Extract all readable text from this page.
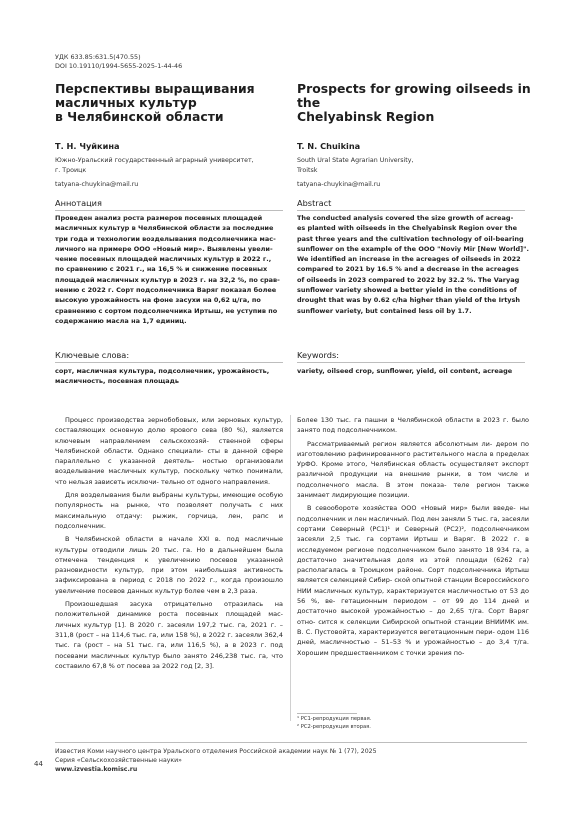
УДК 633.85:631.5(470.55)
DOI 10.19110/1994-5655-2025-1-44-46
Перспективы выращивания
масличных культур
в Челябинской области
Prospects for growing oilseeds in the
Chelyabinsk Region
Т. Н. Чуйкина	T. N. Chuikina
Южно-Уральский государственный аграрный университет,
г. Троицк
tatyana-chuykina@mail.ru
South Ural State Agrarian University,
Troitsk
tatyana-chuykina@mail.ru
Аннотация	Abstract
Проведен анализ роста размеров посевных площадей
масличных культур в Челябинской области за последние
три года и технологии возделывания подсолнечника мас-
личного на примере ООО «Новый мир». Выявлены увели-
чение посевных площадей масличных культур в 2022 г.,
по сравнению с 2021 г., на 16,5 % и снижение посевных
площадей масличных культур в 2023 г. на 32,2 %, по срав-
нению с 2022 г. Сорт подсолнечника Варяг показал более
высокую урожайность на фоне засухи на 0,62 ц/га, по
сравнению с сортом подсолнечника Иртыш, не уступив по
содержанию масла на 1,7 единиц.
The conducted analysis covered the size growth of acreag-
es planted with oilseeds in the Chelyabinsk Region over the
past three years and the cultivation technology of oil-bearing
sunflower on the example of the OOO "Noviy Mir [New World]".
We identified an increase in the acreages of oilseeds in 2022
compared to 2021 by 16.5 % and a decrease in the acreages
of oilseeds in 2023 compared to 2022 by 32.2 %. The Varyag
sunflower variety showed a better yield in the conditions of
drought that was by 0.62 c/ha higher than yield of the Irtysh
sunflower variety, but contained less oil by 1.7.
Ключевые слова:
сорт, масличная культура, подсолнечник, урожайность,
масличность, посевная площадь
Keywords:
variety, oilseed crop, sunflower, yield, oil content, acreage

Процесс производства зернобобовых, или зерновых культур, составляющих основную долю ярового сева (80 %), является ключевым направлением сельскохозяй- ственной сферы Челябинской области. Однако специали- сты в данной сфере параллельно с указанной деятель- ностью организовали возделывание масличных культур, поскольку четко понимали, что нельзя зависеть исключи- тельно от одного направления.

Для возделывания были выбраны культуры, имеющие особую популярность на рынке, что позволяет получать с них максимальную отдачу: рыжик, горчица, лен, рапс и подсолнечник.

В Челябинской области в начале XXI в. под масличные культуры отводили лишь 20 тыс. га. Но в дальнейшем была отмечена тенденция к увеличению посевов указанной разновидности культур, при этом наибольшая активность зафиксирована в период с 2018 по 2022 г., когда произошло увеличение посевов данных культур более чем в 2,3 раза.

Произошедшая засуха отрицательно отразилась на положительной динамике роста посевных площадей мас- личных культур [1]. В 2020 г. засеяли 197,2 тыс. га, 2021 г. – 311,8 (рост – на 114,6 тыс. га, или 158 %), в 2022 г. засеяли 362,4 тыс. га (рост – на 51 тыс. га, или 116,5 %), а в 2023 г. под посевами масличных культур было занято 246,238 тыс. га, что составило 67,8 % от посева за 2022 год [2, 3].

Более 130 тыс. га пашни в Челябинской области в 2023 г. было занято под подсолнечником.

Рассматриваемый регион является абсолютным ли- дером по изготовлению рафинированного растительного масла в пределах УрФО. Кроме этого, Челябинская область осуществляет экспорт различной продукции на внешние рынки, в том числе и подсолнечного масла. В этом показа- теле регион также занимает лидирующие позиции.

В севообороте хозяйства ООО «Новый мир» были введе- ны подсолнечник и лен масличный. Под лен заняли 5 тыс. га, засеяли сортами Северный (РС1)¹ и Северный (РС2)², подсолнечником засеяли 2,5 тыс. га сортами Иртыш и Варяг. В 2022 г. в исследуемом регионе подсолнечником было занято 18 934 га, а достаточно значительная доля из этой площади (6262 га) располагалась в Троицком районе. Сорт подсолнечника Иртыш является селекцией Сибир- ской опытной станции Всероссийского НИИ масличных культур, характеризуется масличностью от 53 до 56 %, ве- гетационным периодом – от 99 до 114 дней и достаточно высокой урожайностью – до 2,65 т/га. Сорт Варяг отно- сится к селекции Сибирской опытной станции ВНИИМК им. В. С. Пустовойта, характеризуется вегетационным пери- одом 116 дней, масличностью – 51–53 % и урожайностью – до 3,4 т/га. Хорошим предшественником с точки зрения по-

¹ РС1-репродукция первая.
² РС2-репродукция вторая.
44
Известия Коми научного центра Уральского отделения Российской академии наук № 1 (77), 2025
Серия «Сельскохозяйственные науки»
www.izvestia.komisc.ru
